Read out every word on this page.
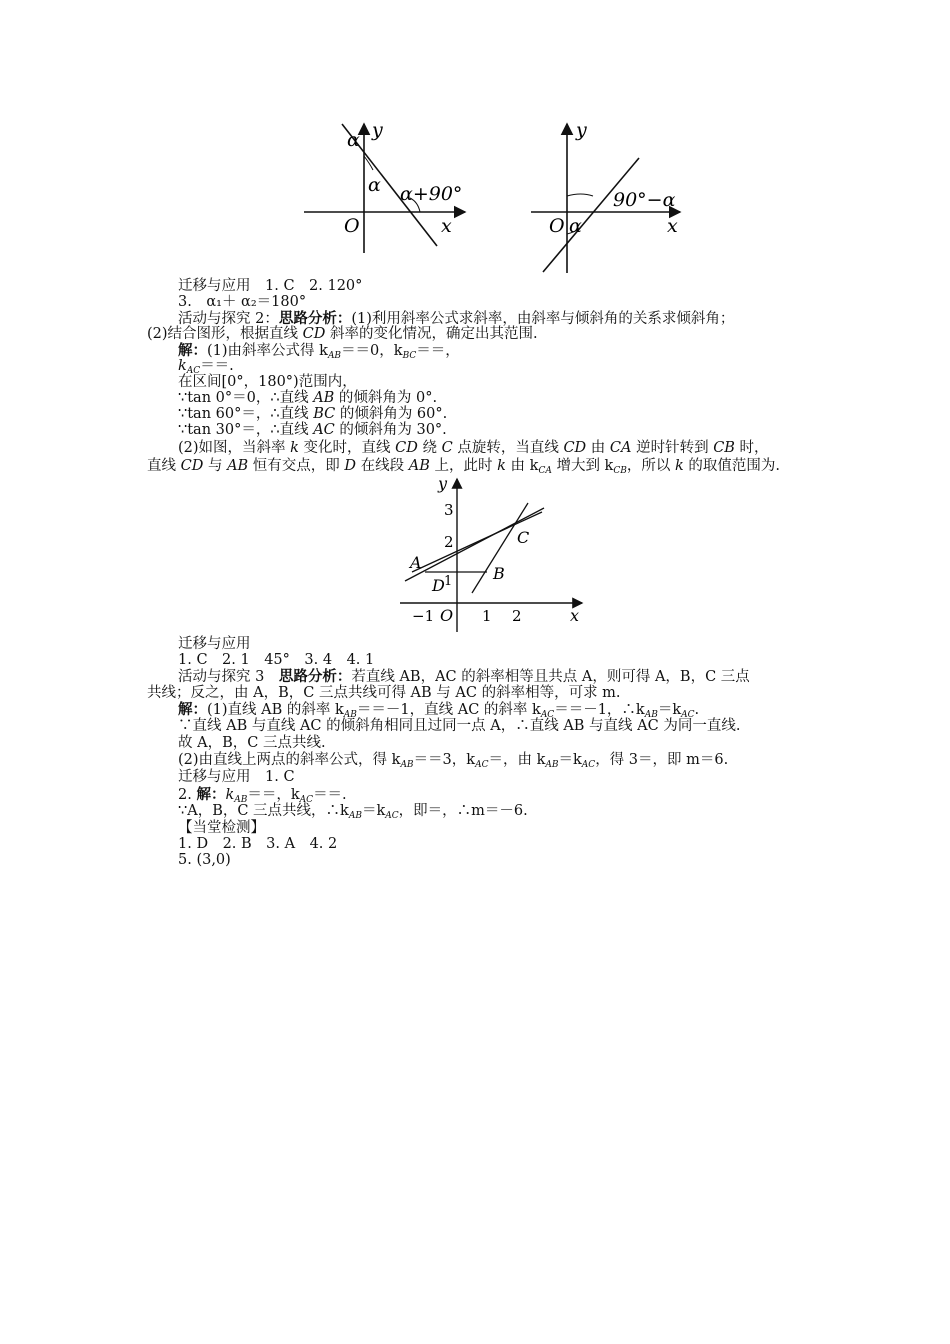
y
α
α α+90°
O	x
y
90°−α
O α	x
迁移与应用　1. C　2. 120°
3.　α₁＋ α₂＝180°
活动与探究 2：思路分析：(1)利用斜率公式求斜率，由斜率与倾斜角的关系求倾斜角；
(2)结合图形，根据直线 CD 斜率的变化情况，确定出其范围.
解：(1)由斜率公式得 $k_{AB}==0$，$k_{BC}==$，
$k_{AC}==$.
在区间[0°，180°)范围内，
∵tan 0°＝0，∴直线 AB 的倾斜角为 0°.
∵tan 60°＝，∴直线 BC 的倾斜角为 60°.
∵tan 30°＝，∴直线 AC 的倾斜角为 30°.
(2)如图，当斜率 k 变化时，直线 CD 绕 C 点旋转，当直线 CD 由 CA 逆时针转到 CB 时，
直线 CD 与 AB 恒有交点，即 D 在线段 AB 上，此时 k 由 $k_{CA}$ 增大到 $k_{CB}$，所以 k 的取值范围为.
y
3
2
1
C
A
B
D
−1 O 1 2	x
迁移与应用
1. C　2. 1　45°　3. 4　4. 1
活动与探究 3　思路分析：若直线 AB，AC 的斜率相等且共点 A，则可得 A，B，C 三点
共线；反之，由 A，B，C 三点共线可得 AB 与 AC 的斜率相等，可求 m.
解：(1)直线 AB 的斜率 $k_{AB}==-1$，直线 AC 的斜率 $k_{AC}==-1$，$\therefore k_{AB}=k_{AC}$.
∵直线 AB 与直线 AC 的倾斜角相同且过同一点 A，∴直线 AB 与直线 AC 为同一直线.
故 A，B，C 三点共线.
(2)由直线上两点的斜率公式，得 $k_{AB}==3$，$k_{AC}=$，由 $k_{AB}=k_{AC}$，得 3＝，即 m＝6.
迁移与应用　1. C
2. 解：$k_{AB}==$，$k_{AC}==$.
∵A，B，C 三点共线，$\therefore k_{AB}=k_{AC}$，即＝，∴m＝－6.
【当堂检测】
1. D　2. B　3. A　4. 2
5. (3,0)
